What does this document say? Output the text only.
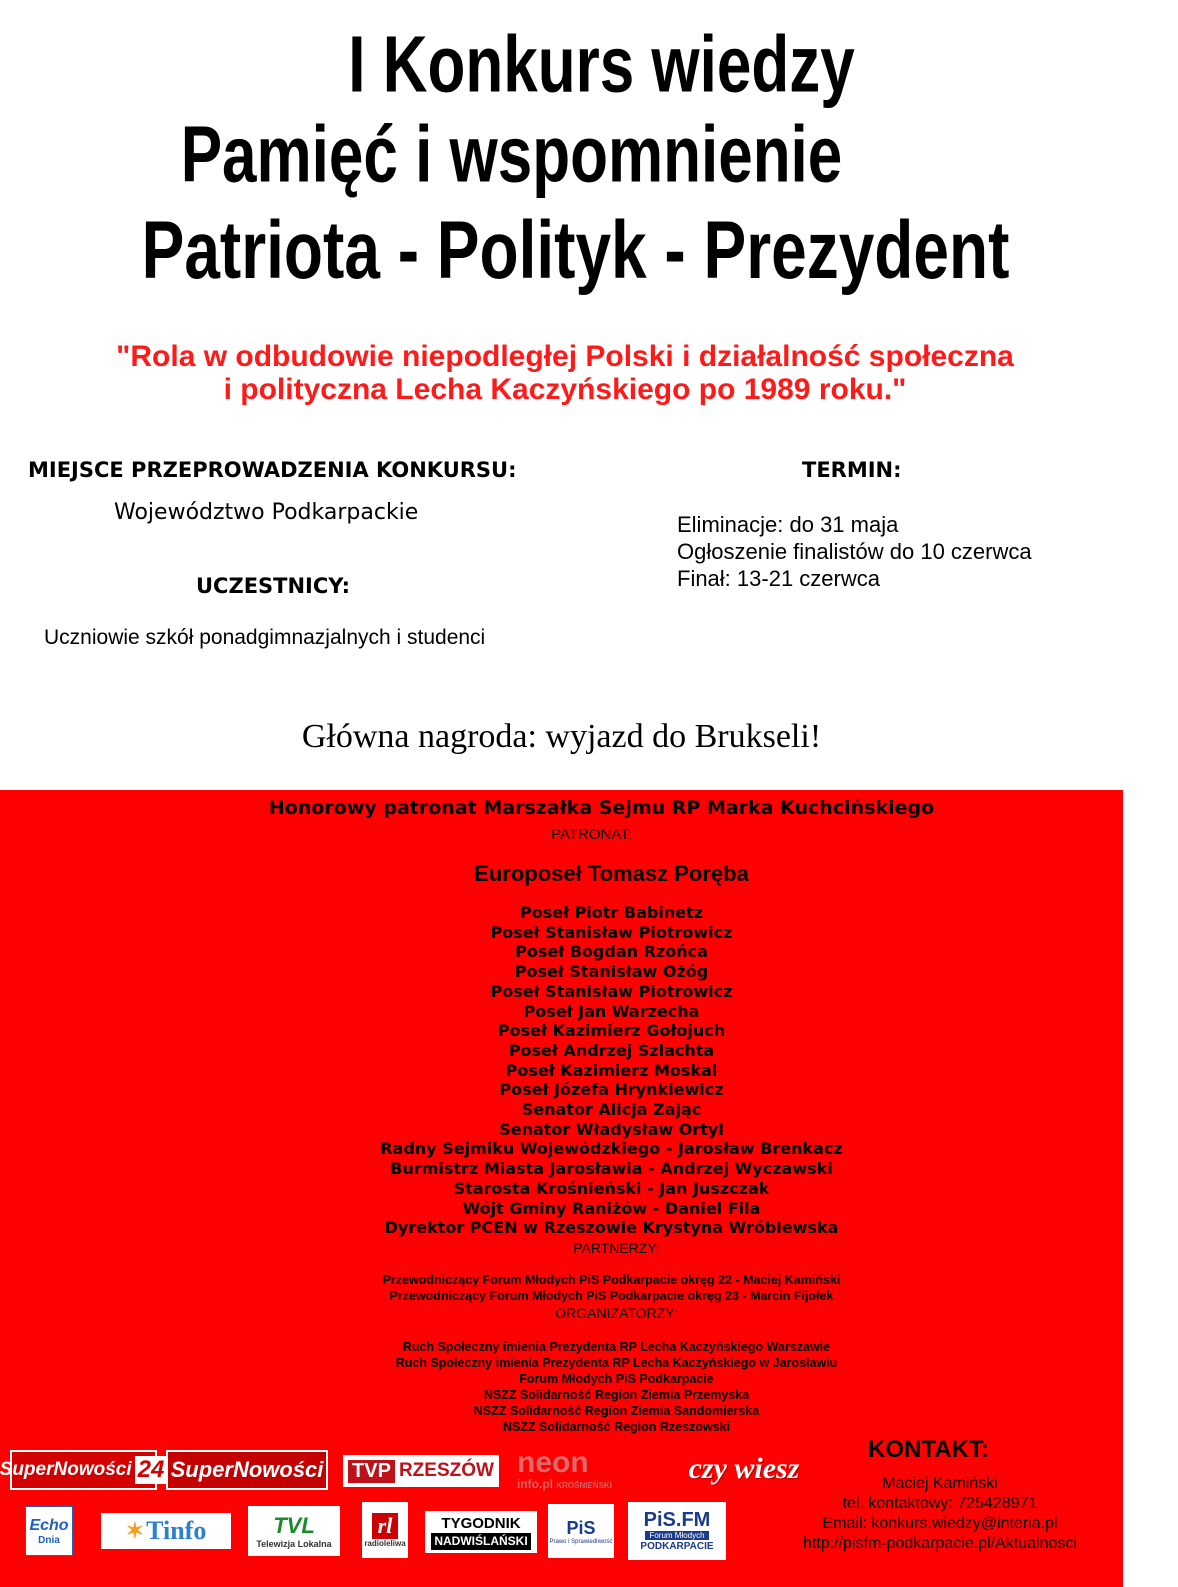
I Konkurs wiedzy
Pamięć i wspomnienie
Patriota - Polityk - Prezydent
"Rola w odbudowie niepodległej Polski i działalność społeczna
i polityczna Lecha Kaczyńskiego po 1989 roku."
MIEJSCE PRZEPROWADZENIA KONKURSU:
Województwo Podkarpackie
UCZESTNICY:
Uczniowie szkół ponadgimnazjalnych i studenci
TERMIN:
Eliminacje: do 31 maja
Ogłoszenie finalistów do 10 czerwca
Finał: 13-21 czerwca
Główna nagroda: wyjazd do Brukseli!
Honorowy patronat Marszałka Sejmu RP Marka Kuchcińskiego
PATRONAT:
Europoseł Tomasz Poręba
Poseł Piotr Babinetz
Poseł Stanisław Piotrowicz
Poseł Bogdan Rzońca
Poseł Stanisław Ożóg
Poseł Stanisław Piotrowicz
Poseł Jan Warzecha
Poseł Kazimierz Gołojuch
Poseł Andrzej Szlachta
Poseł Kazimierz Moskal
Poseł Józefa Hrynkiewicz
Senator Alicja Zając
Senator Władysław Ortyl
Radny Sejmiku Wojewódzkiego - Jarosław Brenkacz
Burmistrz Miasta Jarosławia - Andrzej Wyczawski
Starosta Krośnieński - Jan Juszczak
Wójt Gminy Raniżów - Daniel Fila
Dyrektor PCEN w Rzeszowie Krystyna Wróblewska
PARTNERZY:
Przewodniczący Forum Młodych PiS Podkarpacie okręg 22 - Maciej Kamiński
Przewodniczący Forum Młodych PiS Podkarpacie okręg 23 - Marcin Fijołek
ORGANIZATORZY:
Ruch Społeczny imienia Prezydenta RP Lecha Kaczyńskiego Warszawie
Ruch Społeczny imienia Prezydenta RP Lecha Kaczyńskiego w Jarosławiu
Forum Młodych PiS Podkarpacie
NSZZ Solidarność Region Ziemia Przemyska
NSZZ Solidarność Region Ziemia Sandomierska
NSZZ Solidarność Region Rzeszowski
SuperNowości 24 SuperNowości TVP RZESZÓW neon
info.pl KROŚNIEŃSKI
czy wiesz
Echo
Dnia	✶ Tinfo	TVL
Telewizja Lokalna
rl
radioleliwa
TYGODNIK
NADWIŚLAŃSKI
PiS
Prawo i Sprawiedliwość
PiS.FM
Forum Młodych
PODKARPACIE
KONTAKT:
Maciej Kamiński
tel. kontaktowy: 725428971
Email: konkurs.wiedzy@interia.pl
http://pisfm-podkarpacie.pl/Aktualnosci
